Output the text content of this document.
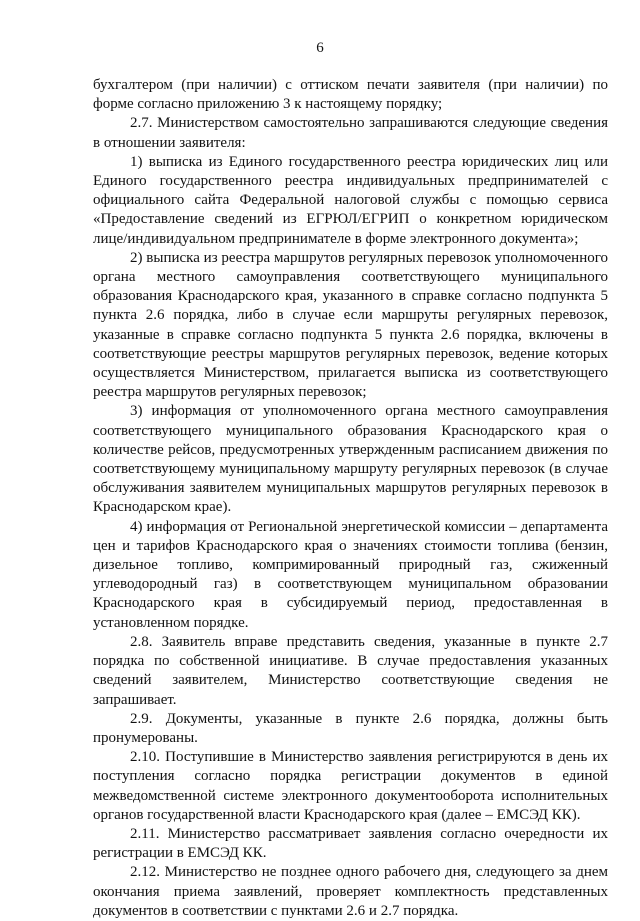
6

бухгалтером (при наличии) с оттиском печати заявителя (при наличии) по форме согласно приложению 3 к настоящему порядку;

2.7. Министерством самостоятельно запрашиваются следующие сведения в отношении заявителя:

1) выписка из Единого государственного реестра юридических лиц или Единого государственного реестра индивидуальных предпринимателей с официального сайта Федеральной налоговой службы с помощью сервиса «Предоставление сведений из ЕГРЮЛ/ЕГРИП о конкретном юридическом лице/индивидуальном предпринимателе в форме электронного документа»;

2) выписка из реестра маршрутов регулярных перевозок уполномоченного органа местного самоуправления соответствующего муниципального образования Краснодарского края, указанного в справке согласно подпункта 5 пункта 2.6 порядка, либо в случае если маршруты регулярных перевозок, указанные в справке согласно подпункта 5 пункта 2.6 порядка, включены в соответствующие реестры маршрутов регулярных перевозок, ведение которых осуществляется Министерством, прилагается выписка из соответствующего реестра маршрутов регулярных перевозок;

3) информация от уполномоченного органа местного самоуправления соответствующего муниципального образования Краснодарского края о количестве рейсов, предусмотренных утвержденным расписанием движения по соответствующему муниципальному маршруту регулярных перевозок (в случае обслуживания заявителем муниципальных маршрутов регулярных перевозок в Краснодарском крае).

4) информация от Региональной энергетической комиссии – департамента цен и тарифов Краснодарского края о значениях стоимости топлива (бензин, дизельное топливо, компримированный природный газ, сжиженный углеводородный газ) в соответствующем муниципальном образовании Краснодарского края в субсидируемый период, предоставленная в установленном порядке.

2.8. Заявитель вправе представить сведения, указанные в пункте 2.7 порядка по собственной инициативе. В случае предоставления указанных сведений заявителем, Министерство соответствующие сведения не запрашивает.

2.9. Документы, указанные в пункте 2.6 порядка, должны быть пронумерованы.

2.10. Поступившие в Министерство заявления регистрируются в день их поступления согласно порядка регистрации документов в единой межведомственной системе электронного документооборота исполнительных органов государственной власти Краснодарского края (далее – ЕМСЭД КК).

2.11. Министерство рассматривает заявления согласно очередности их регистрации в ЕМСЭД КК.

2.12. Министерство не позднее одного рабочего дня, следующего за днем окончания приема заявлений, проверяет комплектность представленных документов в соответствии с пунктами 2.6 и 2.7 порядка.
